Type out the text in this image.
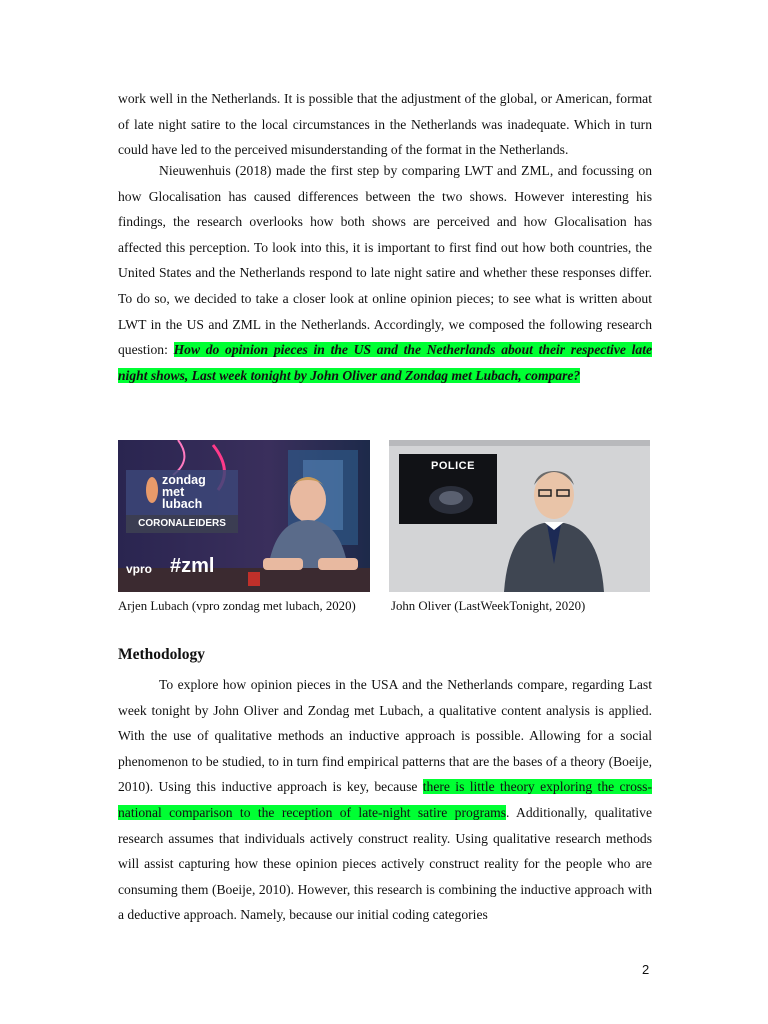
work well in the Netherlands. It is possible that the adjustment of the global, or American, format of late night satire to the local circumstances in the Netherlands was inadequate. Which in turn could have led to the perceived misunderstanding of the format in the Netherlands.

Nieuwenhuis (2018) made the first step by comparing LWT and ZML, and focussing on how Glocalisation has caused differences between the two shows. However interesting his findings, the research overlooks how both shows are perceived and how Glocalisation has affected this perception. To look into this, it is important to first find out how both countries, the United States and the Netherlands respond to late night satire and whether these responses differ. To do so, we decided to take a closer look at online opinion pieces; to see what is written about LWT in the US and ZML in the Netherlands. Accordingly, we composed the following research question: How do opinion pieces in the US and the Netherlands about their respective late night shows, Last week tonight by John Oliver and Zondag met Lubach, compare?

zondag met lubach
CORONALEIDERS
vpro #zml
POLICE

Arjen Lubach (vpro zondag met lubach, 2020)	John Oliver (LastWeekTonight, 2020)

Methodology

To explore how opinion pieces in the USA and the Netherlands compare, regarding Last week tonight by John Oliver and Zondag met Lubach, a qualitative content analysis is applied. With the use of qualitative methods an inductive approach is possible. Allowing for a social phenomenon to be studied, to in turn find empirical patterns that are the bases of a theory (Boeije, 2010). Using this inductive approach is key, because there is little theory exploring the cross-national comparison to the reception of late-night satire programs. Additionally, qualitative research assumes that individuals actively construct reality. Using qualitative research methods will assist capturing how these opinion pieces actively construct reality for the people who are consuming them (Boeije, 2010). However, this research is combining the inductive approach with a deductive approach. Namely, because our initial coding categories

2
